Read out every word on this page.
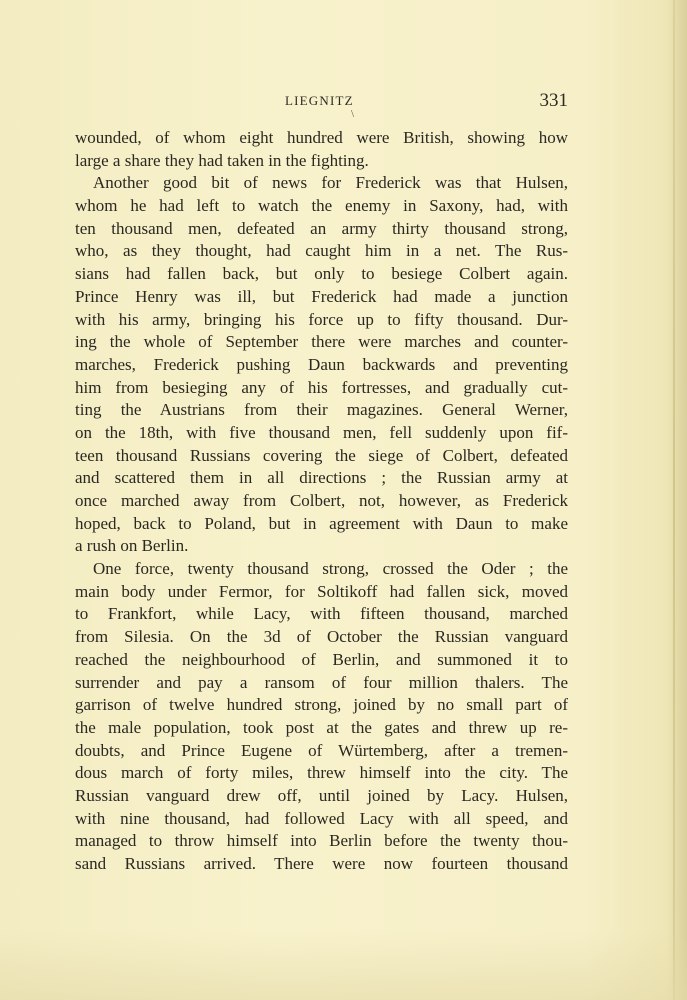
LIEGNITZ	331
\
wounded, of whom eight hundred were British, showing how
large a share they had taken in the fighting.
Another good bit of news for Frederick was that Hulsen,
whom he had left to watch the enemy in Saxony, had, with
ten thousand men, defeated an army thirty thousand strong,
who, as they thought, had caught him in a net. The Rus-
sians had fallen back, but only to besiege Colbert again.
Prince Henry was ill, but Frederick had made a junction
with his army, bringing his force up to fifty thousand. Dur-
ing the whole of September there were marches and counter-
marches, Frederick pushing Daun backwards and preventing
him from besieging any of his fortresses, and gradually cut-
ting the Austrians from their magazines. General Werner,
on the 18th, with five thousand men, fell suddenly upon fif-
teen thousand Russians covering the siege of Colbert, defeated
and scattered them in all directions ; the Russian army at
once marched away from Colbert, not, however, as Frederick
hoped, back to Poland, but in agreement with Daun to make
a rush on Berlin.
One force, twenty thousand strong, crossed the Oder ; the
main body under Fermor, for Soltikoff had fallen sick, moved
to Frankfort, while Lacy, with fifteen thousand, marched
from Silesia. On the 3d of October the Russian vanguard
reached the neighbourhood of Berlin, and summoned it to
surrender and pay a ransom of four million thalers. The
garrison of twelve hundred strong, joined by no small part of
the male population, took post at the gates and threw up re-
doubts, and Prince Eugene of Würtemberg, after a tremen-
dous march of forty miles, threw himself into the city. The
Russian vanguard drew off, until joined by Lacy. Hulsen,
with nine thousand, had followed Lacy with all speed, and
managed to throw himself into Berlin before the twenty thou-
sand Russians arrived. There were now fourteen thousand
